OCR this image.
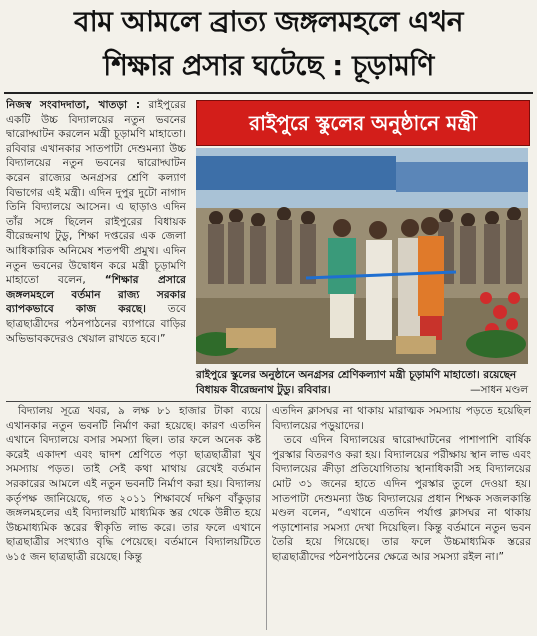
বাম আমলে ব্রাত্য জঙ্গলমহলে এখন
শিক্ষার প্রসার ঘটেছে : চূড়ামণি

নিজস্ব সংবাদদাতা, খাতড়া : রাইপুরের একটি উচ্চ বিদ্যালয়ের নতুন ভবনের দ্বারোদ্ঘাটন করলেন মন্ত্রী চূড়ামণি মাহাতো। রবিবার এখানকার সাতপাটা দেশুমন্যা উচ্চ বিদ্যালয়ের নতুন ভবনের দ্বারোদ্ঘাটন করেন রাজ্যের অনগ্রসর শ্রেণি কল্যাণ বিভাগের এই মন্ত্রী। এদিন দুপুর দুটো নাগাদ তিনি বিদ্যালয়ে আসেন। এ ছাড়াও এদিন তাঁর সঙ্গে ছিলেন রাইপুরের বিধায়ক বীরেন্দ্রনাথ টুডু, শিক্ষা দপ্তরের এক জেলা আধিকারিক অনিমেষ শতপথী প্রমুখ। এদিন নতুন ভবনের উদ্বোধন করে মন্ত্রী চূড়ামণি মাহাতো বলেন, “শিক্ষার প্রসারে জঙ্গলমহলে বর্তমান রাজ্য সরকার ব্যাপকভাবে কাজ করছে। তবে ছাত্রছাত্রীদের পঠনপাঠনের ব্যাপারে বাড়ির অভিভাবকদেরও খেয়াল রাখতে হবে।”

রাইপুরে স্কুলের অনুষ্ঠানে মন্ত্রী
রাইপুরে স্কুলের অনুষ্ঠানে অনগ্রসর শ্রেণিকল্যাণ মন্ত্রী চূড়ামণি মাহাতো। রয়েছেন বিধায়ক বীরেন্দ্রনাথ টুডু। রবিবার।	—সাধন মণ্ডল

বিদ্যালয় সূত্রে খবর, ৯ লক্ষ ৮১ হাজার টাকা ব্যয়ে এখানকার নতুন ভবনটি নির্মাণ করা হয়েছে। কারণ এতদিন এখানে বিদ্যালয়ে বসার সমস্যা ছিল। তার ফলে অনেক কষ্ট করেই একাদশ এবং দ্বাদশ শ্রেণিতে পড়া ছাত্রছাত্রীরা খুব সমস্যায় পড়ত। তাই সেই কথা মাথায় রেখেই বর্তমান সরকারের আমলে এই নতুন ভবনটি নির্মাণ করা হয়। বিদ্যালয় কর্তৃপক্ষ জানিয়েছে, গত ২০১১ শিক্ষাবর্ষে দক্ষিণ বাঁকুড়ার জঙ্গলমহলের এই বিদ্যালয়টি মাধ্যমিক স্তর থেকে উন্নীত হয়ে উচ্চমাধ্যমিক স্তরের স্বীকৃতি লাভ করে। তার ফলে এখানে ছাত্রছাত্রীর সংখ্যাও বৃদ্ধি পেয়েছে। বর্তমানে বিদ্যালয়টিতে ৬১৫ জন ছাত্রছাত্রী রয়েছে। কিন্তু

এতদিন ক্লাসঘর না থাকায় মারাত্মক সমস্যায় পড়তে হয়েছিল বিদ্যালয়ের পড়ুয়াদের।

তবে এদিন বিদ্যালয়ের দ্বারোদ্ঘাটনের পাশাপাশি বার্ষিক পুরস্কার বিতরণও করা হয়। বিদ্যালয়ের পরীক্ষায় স্থান লাভ এবং বিদ্যালয়ের ক্রীড়া প্রতিযোগিতায় স্থানাধিকারী সহ বিদ্যালয়ের মোট ৩১ জনের হাতে এদিন পুরস্কার তুলে দেওয়া হয়। সাতপাটা দেশুমন্যা উচ্চ বিদ্যালয়ের প্রধান শিক্ষক সজলকান্তি মণ্ডল বলেন, “এখানে এতদিন পর্যাপ্ত ক্লাসঘর না থাকায় পড়াশোনার সমস্যা দেখা দিয়েছিল। কিন্তু বর্তমানে নতুন ভবন তৈরি হয়ে গিয়েছে। তার ফলে উচ্চমাধ্যমিক স্তরের ছাত্রছাত্রীদের পঠনপাঠনের ক্ষেত্রে আর সমস্যা রইল না।”
